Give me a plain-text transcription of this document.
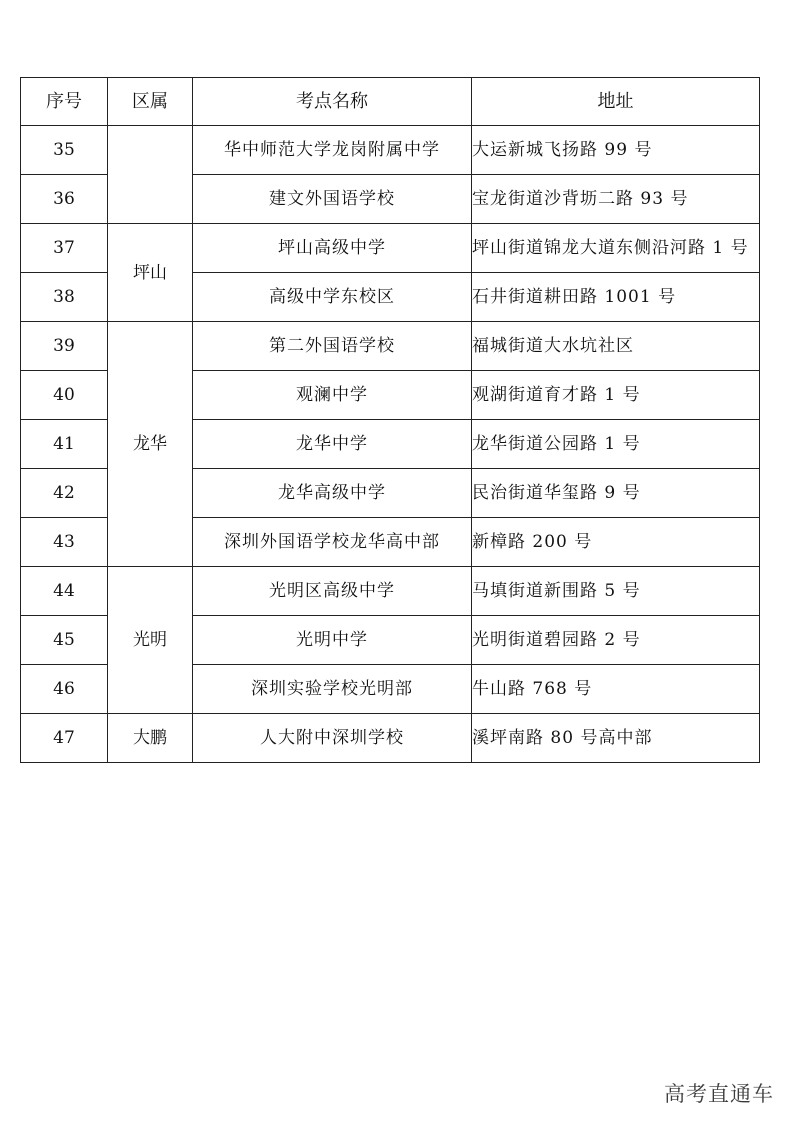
序号	区属	考点名称	地址
35		华中师范大学龙岗附属中学	大运新城飞扬路 99 号
36		建文外国语学校	宝龙街道沙背坜二路 93 号
37	坪山	坪山高级中学	坪山街道锦龙大道东侧沿河路 1 号
38		高级中学东校区	石井街道耕田路 1001 号
39	龙华	第二外国语学校	福城街道大水坑社区
40		观澜中学	观湖街道育才路 1 号
41		龙华中学	龙华街道公园路 1 号
42		龙华高级中学	民治街道华玺路 9 号
43		深圳外国语学校龙华高中部	新樟路 200 号
44	光明	光明区高级中学	马填街道新围路 5 号
45		光明中学	光明街道碧园路 2 号
46		深圳实验学校光明部	牛山路 768 号
47	大鹏	人大附中深圳学校	溪坪南路 80 号高中部
高考直通车
